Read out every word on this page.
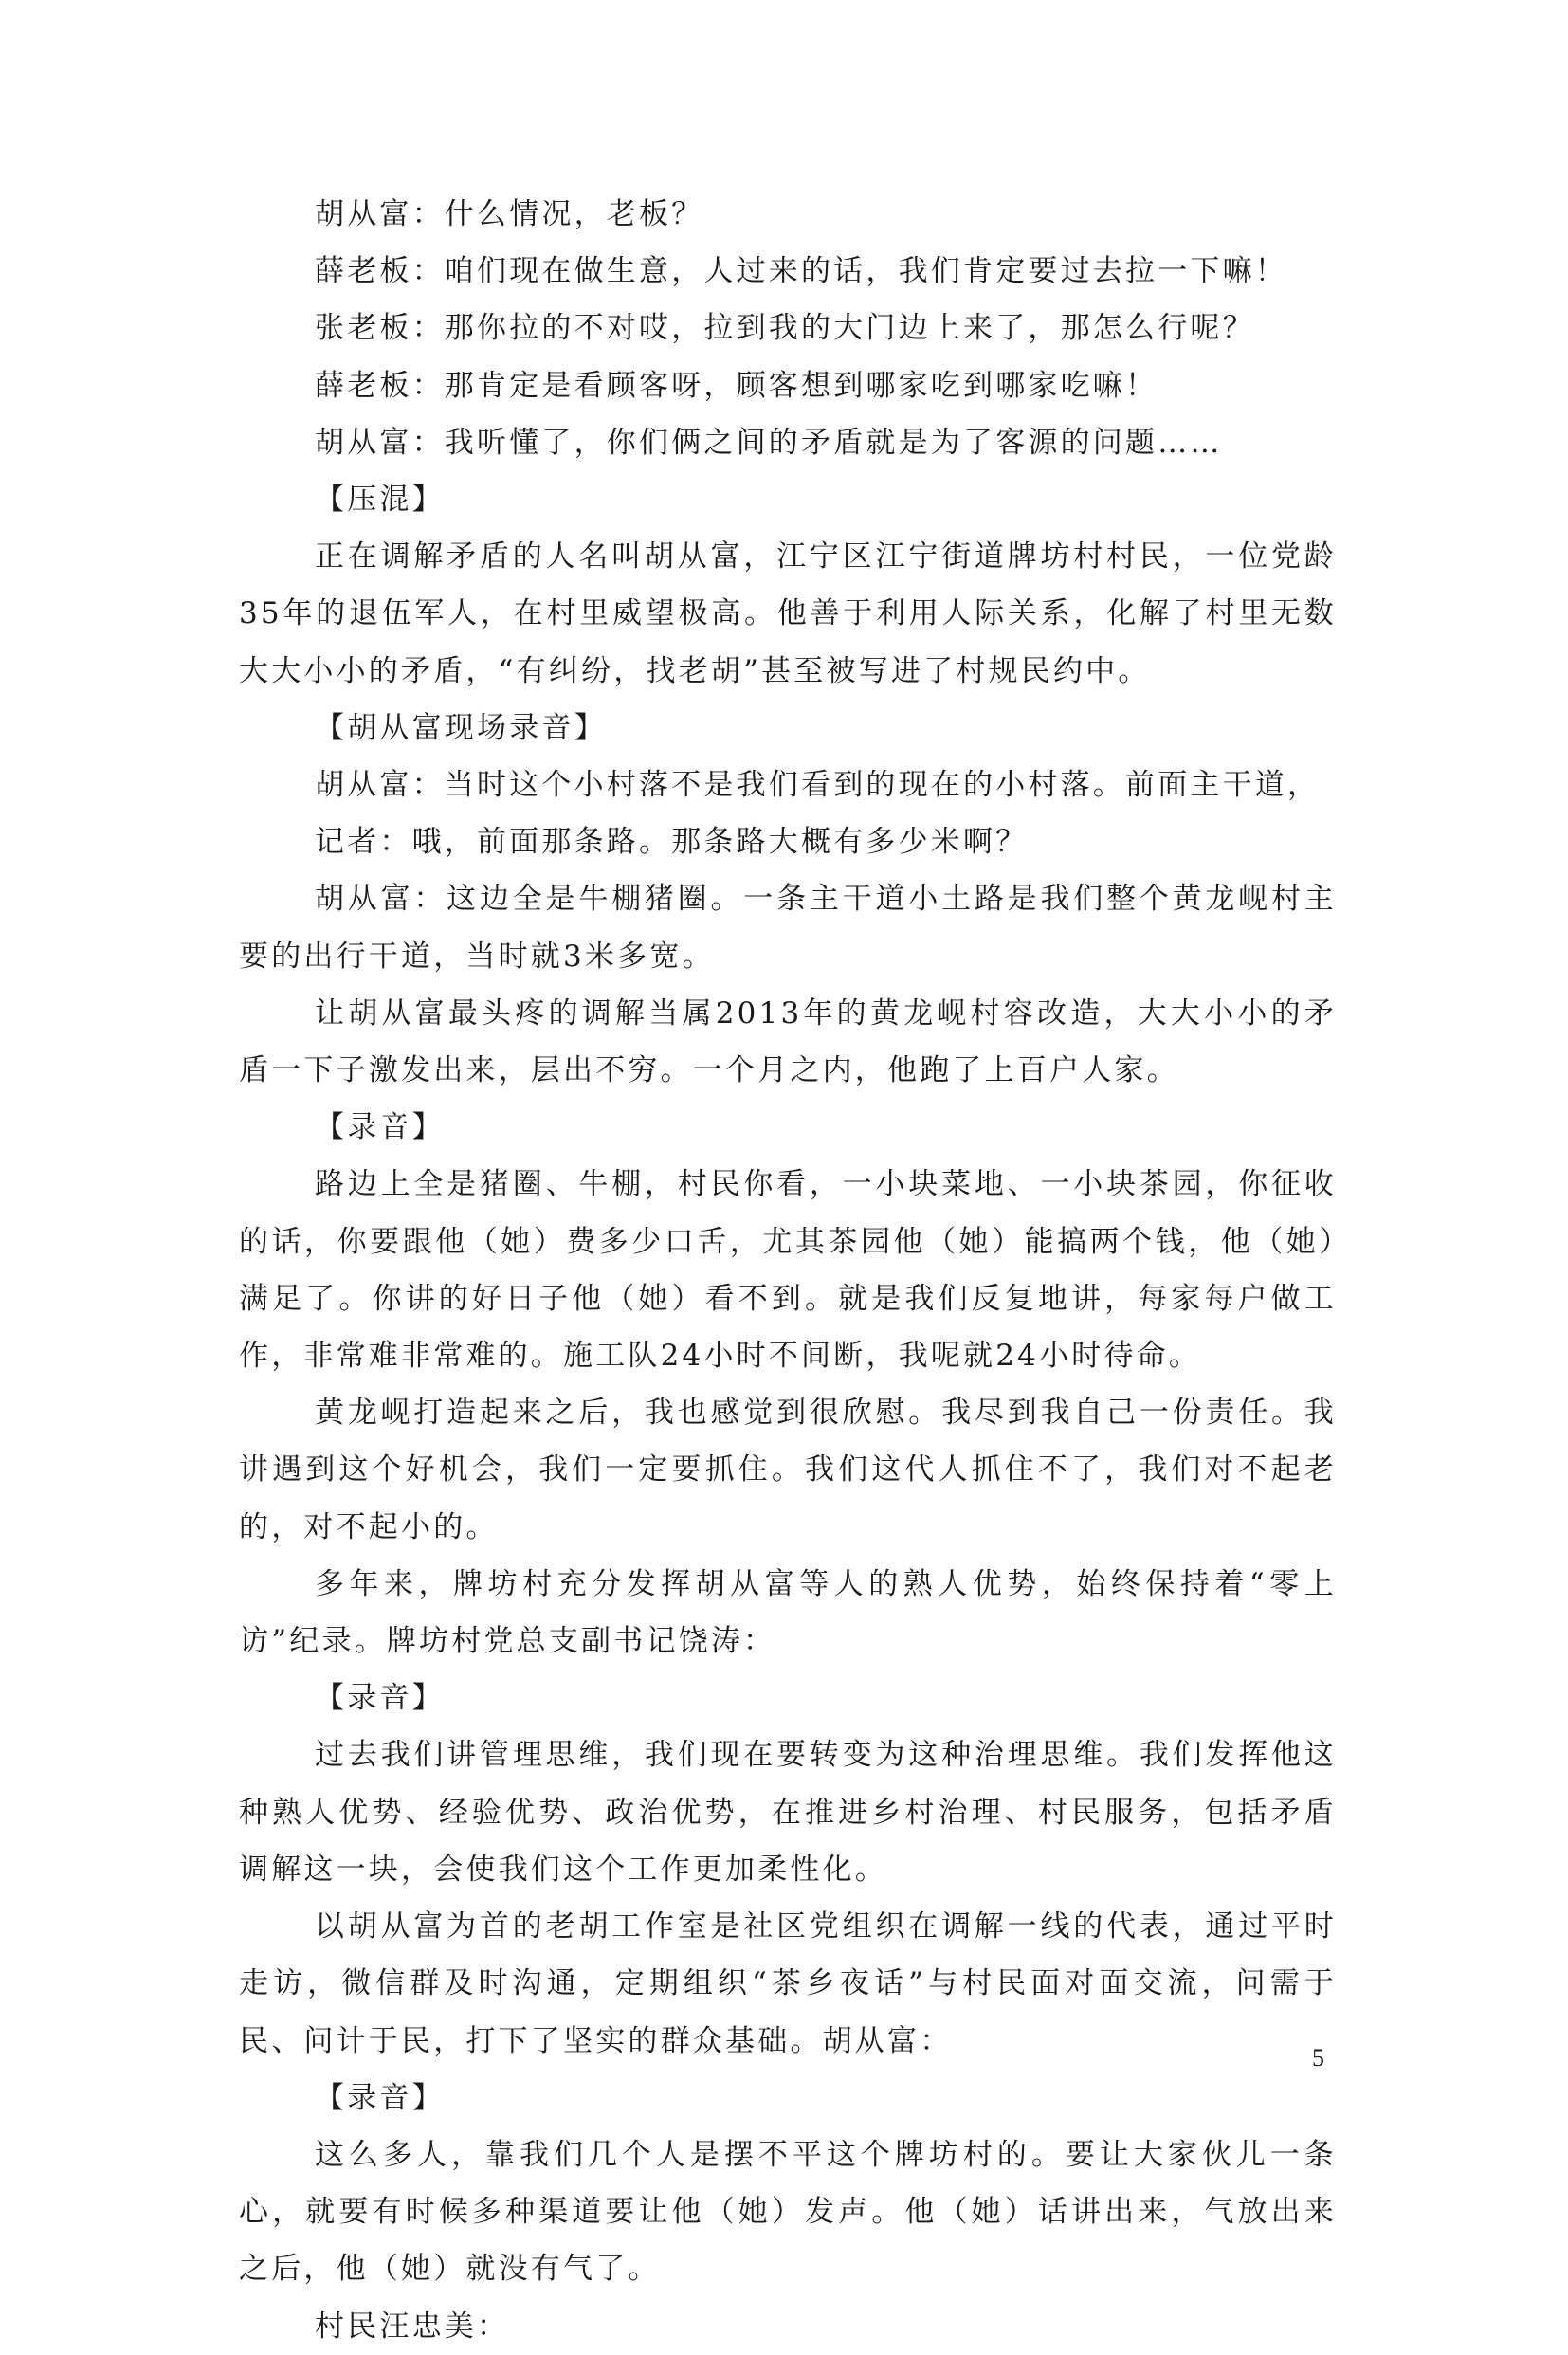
胡从富：什么情况，老板？

薛老板：咱们现在做生意，人过来的话，我们肯定要过去拉一下嘛！

张老板：那你拉的不对哎，拉到我的大门边上来了，那怎么行呢？

薛老板：那肯定是看顾客呀，顾客想到哪家吃到哪家吃嘛！

胡从富：我听懂了，你们俩之间的矛盾就是为了客源的问题……

【压混】

正在调解矛盾的人名叫胡从富，江宁区江宁街道牌坊村村民，一位党龄35年的退伍军人，在村里威望极高。他善于利用人际关系，化解了村里无数大大小小的矛盾，“有纠纷，找老胡”甚至被写进了村规民约中。

【胡从富现场录音】

胡从富：当时这个小村落不是我们看到的现在的小村落。前面主干道，

记者：哦，前面那条路。那条路大概有多少米啊？

胡从富：这边全是牛棚猪圈。一条主干道小土路是我们整个黄龙岘村主要的出行干道，当时就3米多宽。

让胡从富最头疼的调解当属2013年的黄龙岘村容改造，大大小小的矛盾一下子激发出来，层出不穷。一个月之内，他跑了上百户人家。

【录音】

路边上全是猪圈、牛棚，村民你看，一小块菜地、一小块茶园，你征收的话，你要跟他（她）费多少口舌，尤其茶园他（她）能搞两个钱，他（她）满足了。你讲的好日子他（她）看不到。就是我们反复地讲，每家每户做工作，非常难非常难的。施工队24小时不间断，我呢就24小时待命。

黄龙岘打造起来之后，我也感觉到很欣慰。我尽到我自己一份责任。我讲遇到这个好机会，我们一定要抓住。我们这代人抓住不了，我们对不起老的，对不起小的。

多年来，牌坊村充分发挥胡从富等人的熟人优势，始终保持着“零上访”纪录。牌坊村党总支副书记饶涛：

【录音】

过去我们讲管理思维，我们现在要转变为这种治理思维。我们发挥他这种熟人优势、经验优势、政治优势，在推进乡村治理、村民服务，包括矛盾调解这一块，会使我们这个工作更加柔性化。

以胡从富为首的老胡工作室是社区党组织在调解一线的代表，通过平时走访，微信群及时沟通，定期组织“茶乡夜话”与村民面对面交流，问需于民、问计于民，打下了坚实的群众基础。胡从富：

【录音】

这么多人，靠我们几个人是摆不平这个牌坊村的。要让大家伙儿一条心，就要有时候多种渠道要让他（她）发声。他（她）话讲出来，气放出来之后，他（她）就没有气了。

村民汪忠美：

5
